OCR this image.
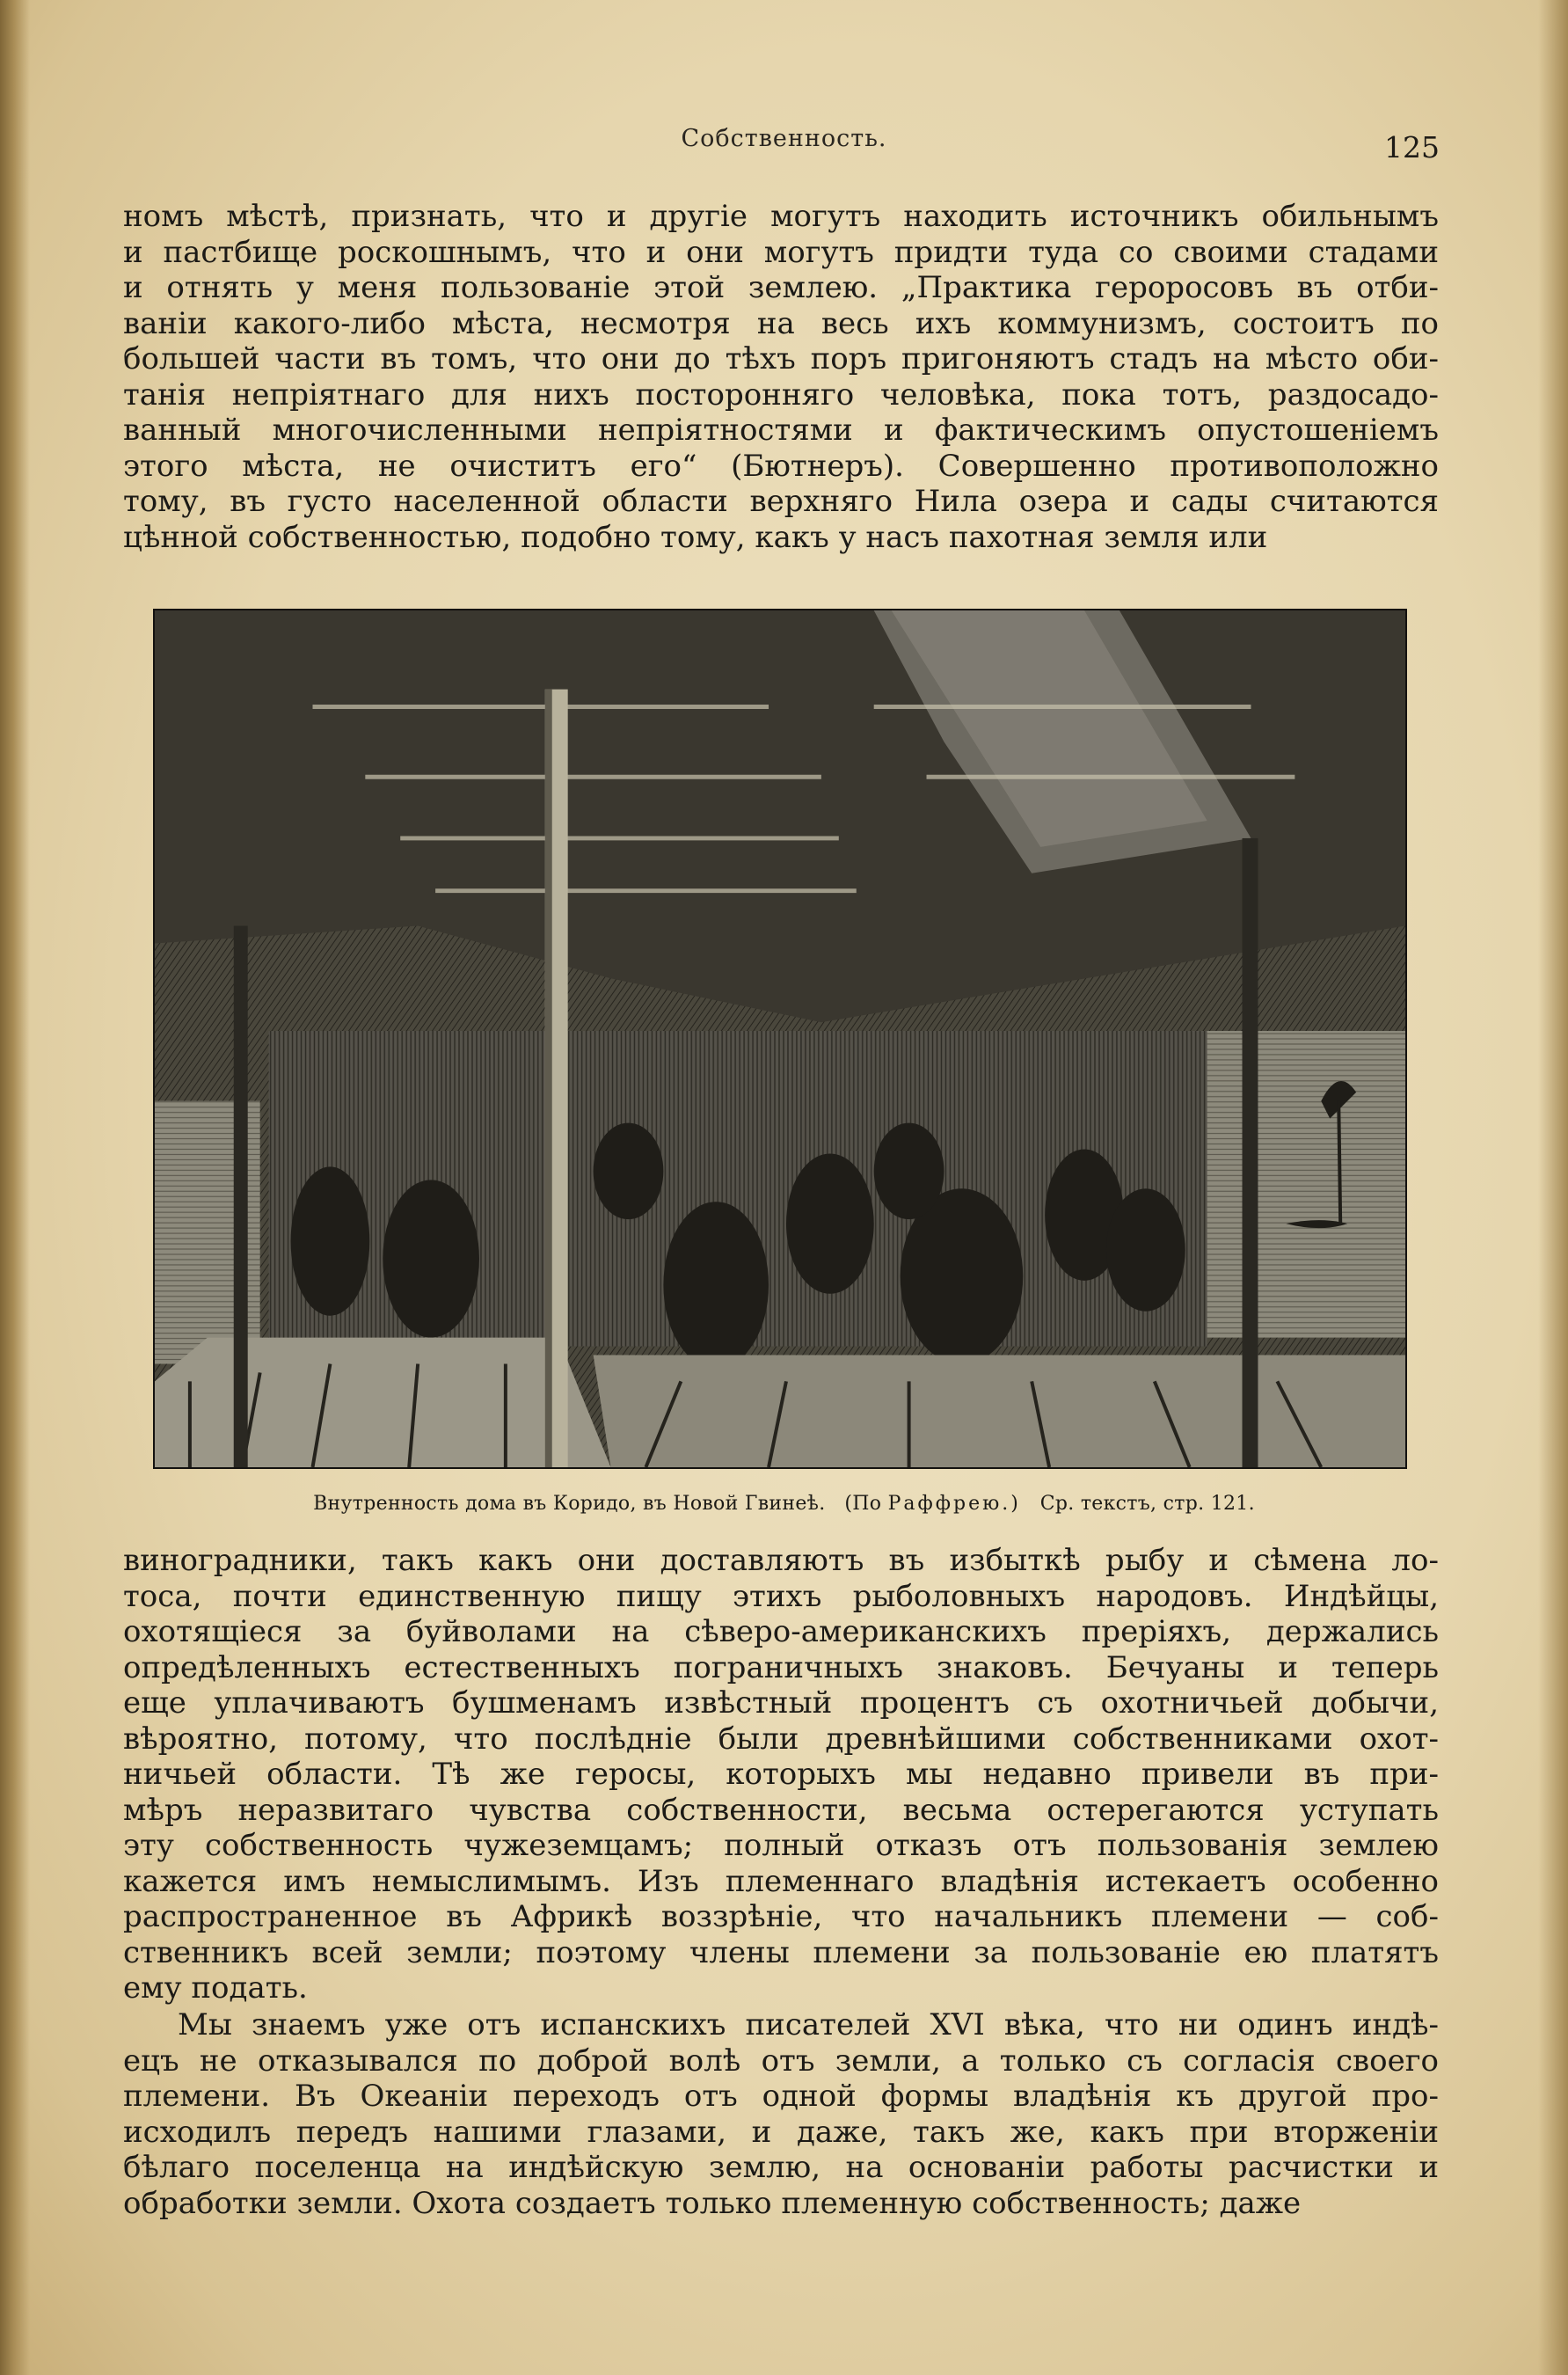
Собственность.	125
номъ мѣстѣ, признать, что и другіе могутъ находить источникъ обильнымъ
и пастбище роскошнымъ, что и они могутъ придти туда со своими стадами
и отнять у меня пользованіе этой землею. „Практика героросовъ въ отби-
ваніи какого-либо мѣста, несмотря на весь ихъ коммунизмъ, состоитъ по
большей части въ томъ, что они до тѣхъ поръ пригоняютъ стадъ на мѣсто оби-
танія непріятнаго для нихъ посторонняго человѣка, пока тотъ, раздосадо-
ванный многочисленными непріятностями и фактическимъ опустошеніемъ
этого мѣста, не очиститъ его“ (Бютнеръ). Совершенно противоположно
тому, въ густо населенной области верхняго Нила озера и сады считаются
цѣнной собственностью, подобно тому, какъ у насъ пахотная земля или
Внутренность дома въ Коридо, въ Новой Гвинеѣ. (По Раффрею.) Ср. текстъ, стр. 121.
виноградники, такъ какъ они доставляютъ въ избыткѣ рыбу и сѣмена ло-
тоса, почти единственную пищу этихъ рыболовныхъ народовъ. Индѣйцы,
охотящіеся за буйволами на сѣверо-американскихъ преріяхъ, держались
опредѣленныхъ естественныхъ пограничныхъ знаковъ. Бечуаны и теперь
еще уплачиваютъ бушменамъ извѣстный процентъ съ охотничьей добычи,
вѣроятно, потому, что послѣдніе были древнѣйшими собственниками охот-
ничьей области. Тѣ же геросы, которыхъ мы недавно привели въ при-
мѣръ неразвитаго чувства собственности, весьма остерегаются уступать
эту собственность чужеземцамъ; полный отказъ отъ пользованія землею
кажется имъ немыслимымъ. Изъ племеннаго владѣнія истекаетъ особенно
распространенное въ Африкѣ воззрѣніе, что начальникъ племени — соб-
ственникъ всей земли; поэтому члены племени за пользованіе ею платятъ
ему подать.
Мы знаемъ уже отъ испанскихъ писателей XVI вѣка, что ни одинъ индѣ-
ецъ не отказывался по доброй волѣ отъ земли, а только съ согласія своего
племени. Въ Океаніи переходъ отъ одной формы владѣнія къ другой про-
исходилъ передъ нашими глазами, и даже, такъ же, какъ при вторженіи
бѣлаго поселенца на индѣйскую землю, на основаніи работы расчистки и
обработки земли. Охота создаетъ только племенную собственность; даже
